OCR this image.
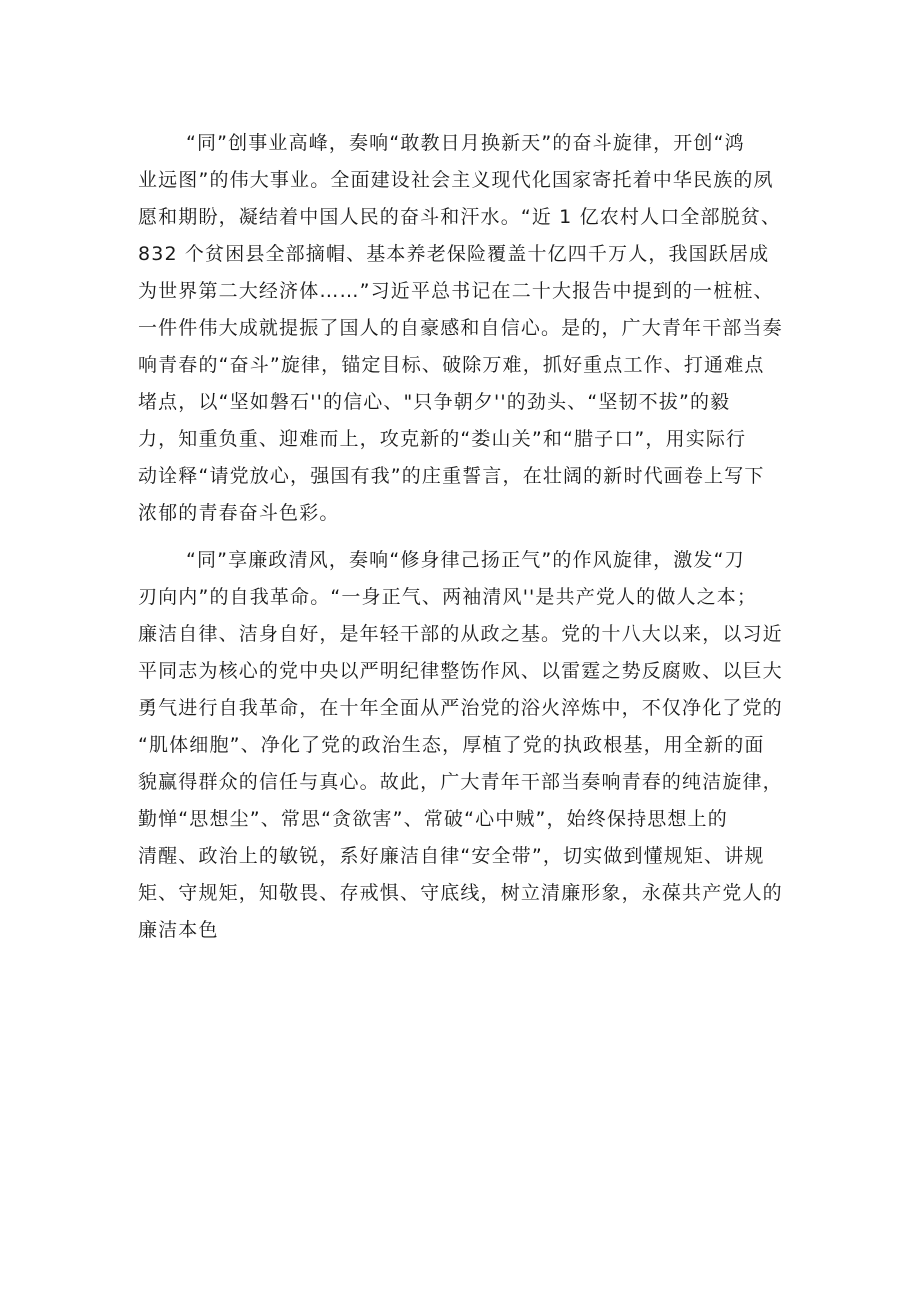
“同”创事业高峰，奏响“敢教日月换新天”的奋斗旋律，开创“鸿
业远图”的伟大事业。全面建设社会主义现代化国家寄托着中华民族的夙
愿和期盼，凝结着中国人民的奋斗和汗水。“近 1 亿农村人口全部脱贫、
832 个贫困县全部摘帽、基本养老保险覆盖十亿四千万人，我国跃居成
为世界第二大经济体……”习近平总书记在二十大报告中提到的一桩桩、
一件件伟大成就提振了国人的自豪感和自信心。是的，广大青年干部当奏
响青春的“奋斗”旋律，锚定目标、破除万难，抓好重点工作、打通难点
堵点，以“坚如磐石''的信心、"只争朝夕''的劲头、“坚韧不拔”的毅
力，知重负重、迎难而上，攻克新的“娄山关”和“腊子口”，用实际行
动诠释“请党放心，强国有我”的庄重誓言，在壮阔的新时代画卷上写下
浓郁的青春奋斗色彩。
“同”享廉政清风，奏响“修身律己扬正气”的作风旋律，激发“刀
刃向内”的自我革命。“一身正气、两袖清风''是共产党人的做人之本；
廉洁自律、洁身自好，是年轻干部的从政之基。党的十八大以来，以习近
平同志为核心的党中央以严明纪律整饬作风、以雷霆之势反腐败、以巨大
勇气进行自我革命，在十年全面从严治党的浴火淬炼中，不仅净化了党的
“肌体细胞”、净化了党的政治生态，厚植了党的执政根基，用全新的面
貌赢得群众的信任与真心。故此，广大青年干部当奏响青春的纯洁旋律，
勤惮“思想尘”、常思“贪欲害”、常破“心中贼”，始终保持思想上的
清醒、政治上的敏锐，系好廉洁自律“安全带”，切实做到懂规矩、讲规
矩、守规矩，知敬畏、存戒惧、守底线，树立清廉形象，永葆共产党人的
廉洁本色
